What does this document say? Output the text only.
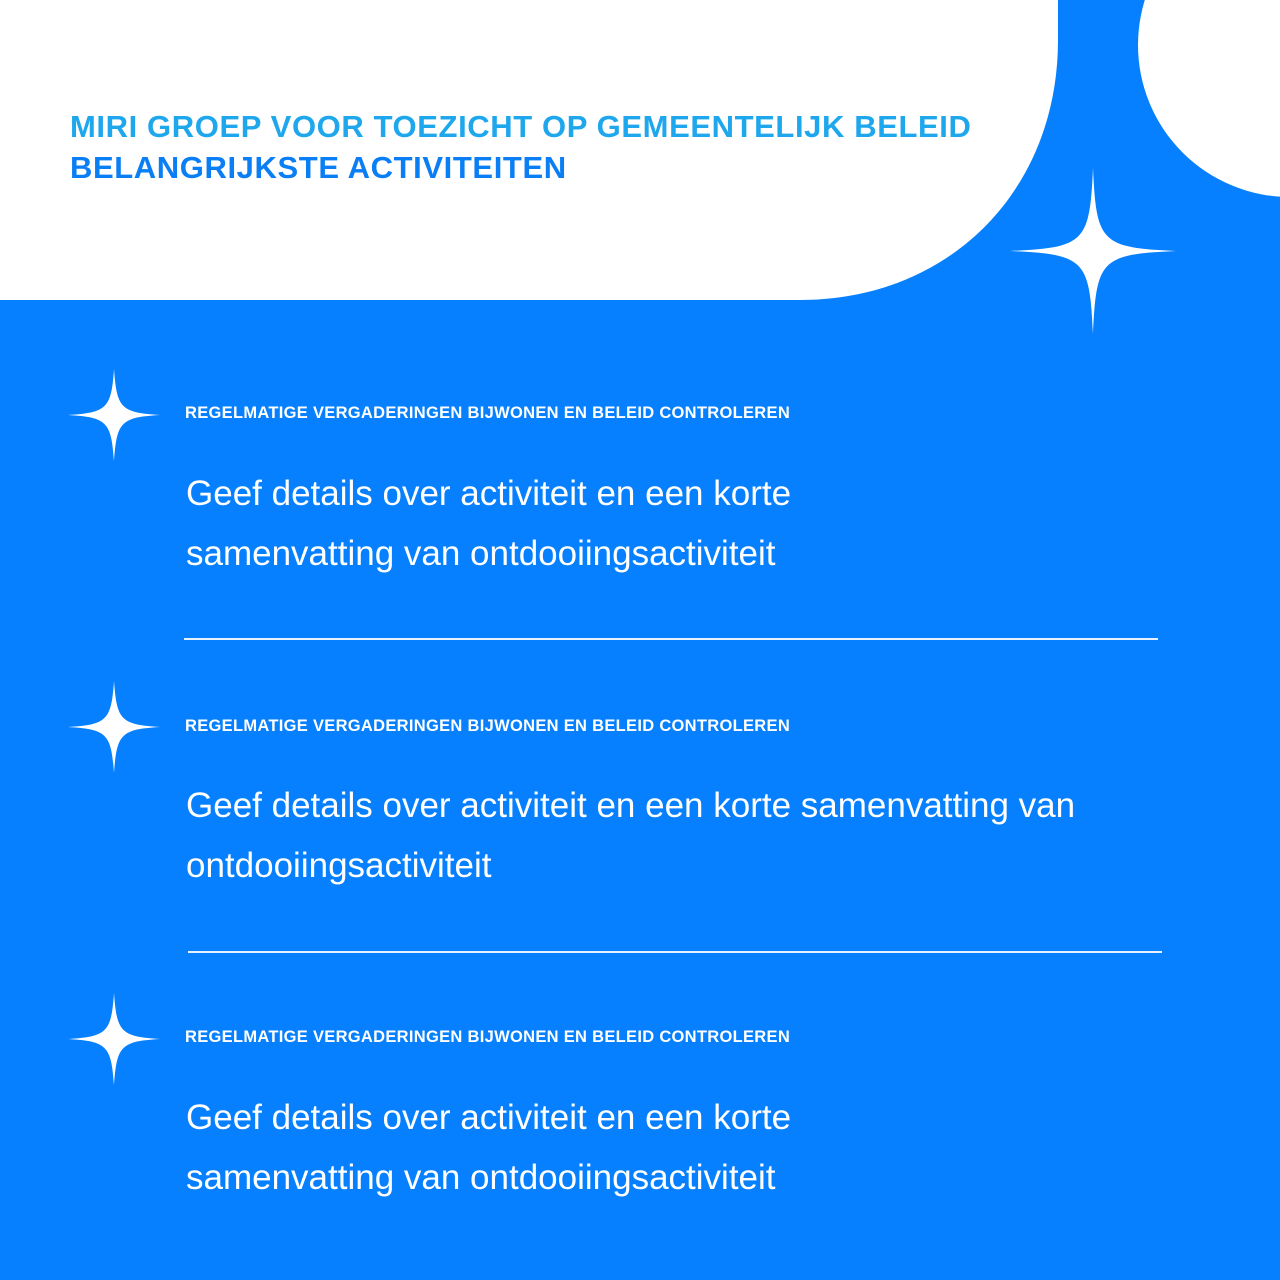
MIRI GROEP VOOR TOEZICHT OP GEMEENTELIJK BELEID
BELANGRIJKSTE ACTIVITEITEN
REGELMATIGE VERGADERINGEN BIJWONEN EN BELEID CONTROLEREN
Geef details over activiteit en een korte samenvatting van ontdooiingsactiviteit
REGELMATIGE VERGADERINGEN BIJWONEN EN BELEID CONTROLEREN
Geef details over activiteit en een korte samenvatting van ontdooiingsactiviteit
REGELMATIGE VERGADERINGEN BIJWONEN EN BELEID CONTROLEREN
Geef details over activiteit en een korte samenvatting van ontdooiingsactiviteit
